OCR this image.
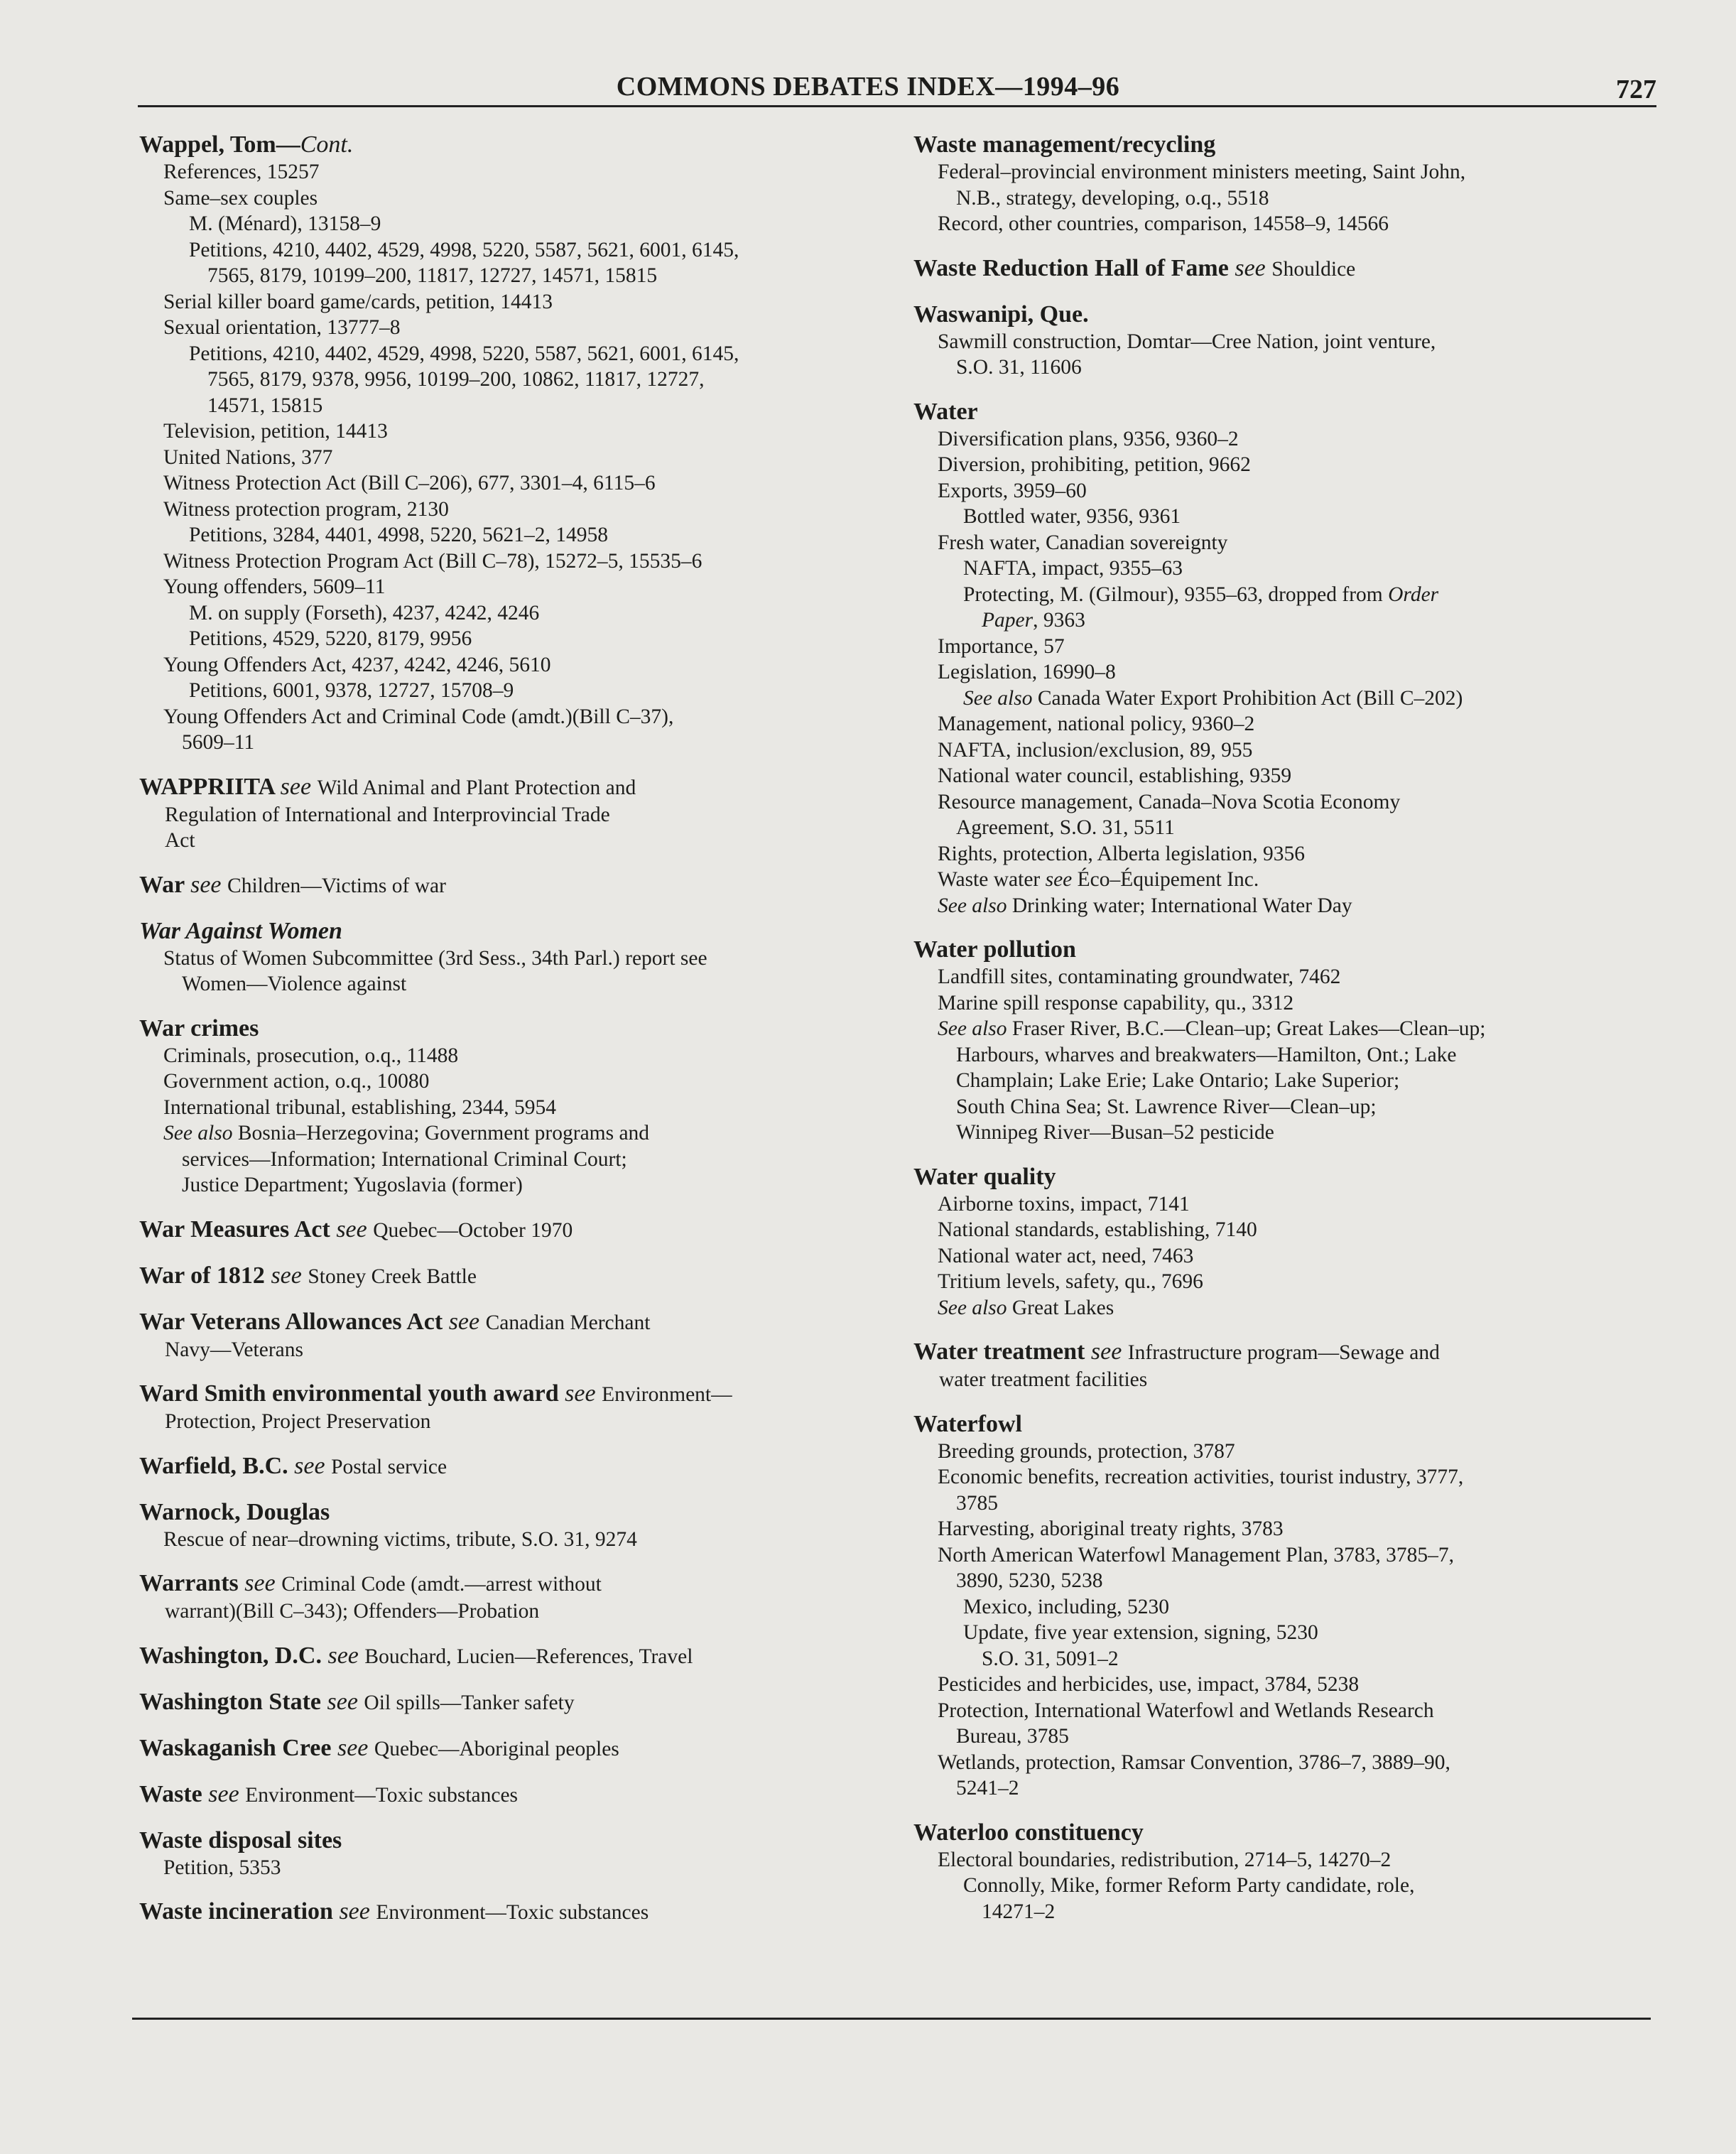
COMMONS DEBATES INDEX—1994–96	727
Wappel, Tom—Cont.
References, 15257
Same–sex couples
M. (Ménard), 13158–9
Petitions, 4210, 4402, 4529, 4998, 5220, 5587, 5621, 6001, 6145,
7565, 8179, 10199–200, 11817, 12727, 14571, 15815
Serial killer board game/cards, petition, 14413
Sexual orientation, 13777–8
Petitions, 4210, 4402, 4529, 4998, 5220, 5587, 5621, 6001, 6145,
7565, 8179, 9378, 9956, 10199–200, 10862, 11817, 12727,
14571, 15815
Television, petition, 14413
United Nations, 377
Witness Protection Act (Bill C–206), 677, 3301–4, 6115–6
Witness protection program, 2130
Petitions, 3284, 4401, 4998, 5220, 5621–2, 14958
Witness Protection Program Act (Bill C–78), 15272–5, 15535–6
Young offenders, 5609–11
M. on supply (Forseth), 4237, 4242, 4246
Petitions, 4529, 5220, 8179, 9956
Young Offenders Act, 4237, 4242, 4246, 5610
Petitions, 6001, 9378, 12727, 15708–9
Young Offenders Act and Criminal Code (amdt.)(Bill C–37),
5609–11
WAPPRIITA see Wild Animal and Plant Protection and
Regulation of International and Interprovincial Trade
Act
War see Children—Victims of war
War Against Women
Status of Women Subcommittee (3rd Sess., 34th Parl.) report see
Women—Violence against
War crimes
Criminals, prosecution, o.q., 11488
Government action, o.q., 10080
International tribunal, establishing, 2344, 5954
See also Bosnia–Herzegovina; Government programs and
services—Information; International Criminal Court;
Justice Department; Yugoslavia (former)
War Measures Act see Quebec—October 1970
War of 1812 see Stoney Creek Battle
War Veterans Allowances Act see Canadian Merchant
Navy—Veterans
Ward Smith environmental youth award see Environment—
Protection, Project Preservation
Warfield, B.C. see Postal service
Warnock, Douglas
Rescue of near–drowning victims, tribute, S.O. 31, 9274
Warrants see Criminal Code (amdt.—arrest without
warrant)(Bill C–343); Offenders—Probation
Washington, D.C. see Bouchard, Lucien—References, Travel
Washington State see Oil spills—Tanker safety
Waskaganish Cree see Quebec—Aboriginal peoples
Waste see Environment—Toxic substances
Waste disposal sites
Petition, 5353
Waste incineration see Environment—Toxic substances
Waste management/recycling
Federal–provincial environment ministers meeting, Saint John,
N.B., strategy, developing, o.q., 5518
Record, other countries, comparison, 14558–9, 14566
Waste Reduction Hall of Fame see Shouldice
Waswanipi, Que.
Sawmill construction, Domtar—Cree Nation, joint venture,
S.O. 31, 11606
Water
Diversification plans, 9356, 9360–2
Diversion, prohibiting, petition, 9662
Exports, 3959–60
Bottled water, 9356, 9361
Fresh water, Canadian sovereignty
NAFTA, impact, 9355–63
Protecting, M. (Gilmour), 9355–63, dropped from Order
Paper, 9363
Importance, 57
Legislation, 16990–8
See also Canada Water Export Prohibition Act (Bill C–202)
Management, national policy, 9360–2
NAFTA, inclusion/exclusion, 89, 955
National water council, establishing, 9359
Resource management, Canada–Nova Scotia Economy
Agreement, S.O. 31, 5511
Rights, protection, Alberta legislation, 9356
Waste water see Éco–Équipement Inc.
See also Drinking water; International Water Day
Water pollution
Landfill sites, contaminating groundwater, 7462
Marine spill response capability, qu., 3312
See also Fraser River, B.C.—Clean–up; Great Lakes—Clean–up;
Harbours, wharves and breakwaters—Hamilton, Ont.; Lake
Champlain; Lake Erie; Lake Ontario; Lake Superior;
South China Sea; St. Lawrence River—Clean–up;
Winnipeg River—Busan–52 pesticide
Water quality
Airborne toxins, impact, 7141
National standards, establishing, 7140
National water act, need, 7463
Tritium levels, safety, qu., 7696
See also Great Lakes
Water treatment see Infrastructure program—Sewage and
water treatment facilities
Waterfowl
Breeding grounds, protection, 3787
Economic benefits, recreation activities, tourist industry, 3777,
3785
Harvesting, aboriginal treaty rights, 3783
North American Waterfowl Management Plan, 3783, 3785–7,
3890, 5230, 5238
Mexico, including, 5230
Update, five year extension, signing, 5230
S.O. 31, 5091–2
Pesticides and herbicides, use, impact, 3784, 5238
Protection, International Waterfowl and Wetlands Research
Bureau, 3785
Wetlands, protection, Ramsar Convention, 3786–7, 3889–90,
5241–2
Waterloo constituency
Electoral boundaries, redistribution, 2714–5, 14270–2
Connolly, Mike, former Reform Party candidate, role,
14271–2
